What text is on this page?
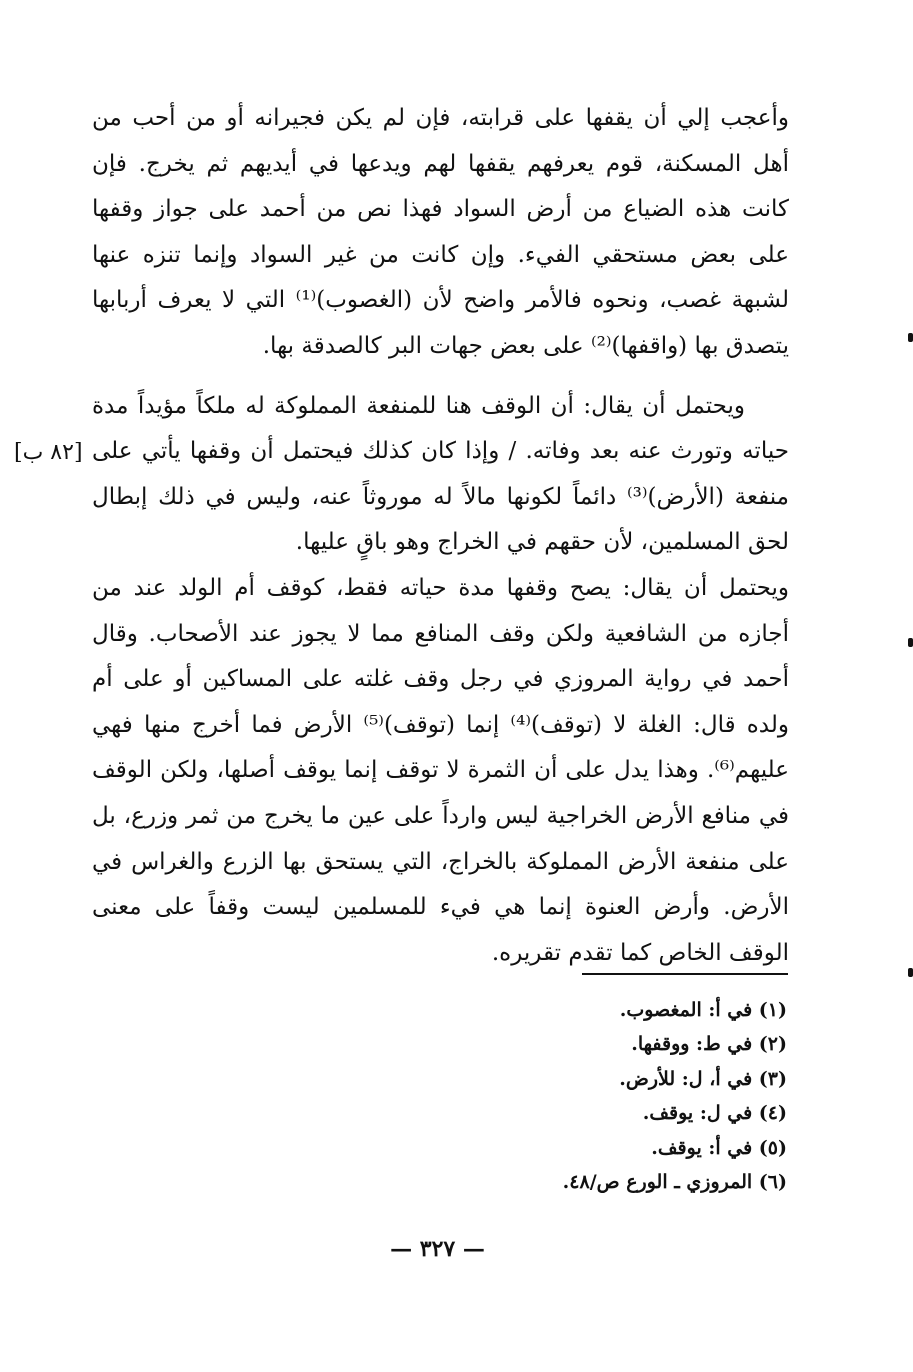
وأعجب إلي أن يقفها على قرابته، فإن لم يكن فجيرانه أو من أحب من أهل المسكنة، قوم يعرفهم يقفها لهم ويدعها في أيديهم ثم يخرج. فإن كانت هذه الضياع من أرض السواد فهذا نص من أحمد على جواز وقفها على بعض مستحقي الفيء. وإن كانت من غير السواد وإنما تنزه عنها لشبهة غصب، ونحوه فالأمر واضح لأن (الغصوب)⁽¹⁾ التي لا يعرف أربابها يتصدق بها (واقفها)⁽²⁾ على بعض جهات البر كالصدقة بها.

ويحتمل أن يقال: أن الوقف هنا للمنفعة المملوكة له ملكاً مؤيداً مدة حياته وتورث عنه بعد وفاته. / وإذا كان كذلك فيحتمل أن وقفها يأتي على منفعة (الأرض)⁽³⁾ دائماً لكونها مالاً له موروثاً عنه، وليس في ذلك إبطال لحق المسلمين، لأن حقهم في الخراج وهو باقٍ عليها.

ويحتمل أن يقال: يصح وقفها مدة حياته فقط، كوقف أم الولد عند من أجازه من الشافعية ولكن وقف المنافع مما لا يجوز عند الأصحاب. وقال أحمد في رواية المروزي في رجل وقف غلته على المساكين أو على أم ولده قال: الغلة لا (توقف)⁽⁴⁾ إنما (توقف)⁽⁵⁾ الأرض فما أخرج منها فهي عليهم⁽⁶⁾. وهذا يدل على أن الثمرة لا توقف إنما يوقف أصلها، ولكن الوقف في منافع الأرض الخراجية ليس وارداً على عين ما يخرج من ثمر وزرع، بل على منفعة الأرض المملوكة بالخراج، التي يستحق بها الزرع والغراس في الأرض. وأرض العنوة إنما هي فيء للمسلمين ليست وقفاً على معنى الوقف الخاص كما تقدم تقريره.

[٨٢ ب]

(١) في أ: المغصوب.

(٢) في ط: ووقفها.

(٣) في أ، ل: للأرض.

(٤) في ل: يوقف.

(٥) في أ: يوقف.

(٦) المروزي ـ الورع ص/٤٨.

— ٣٢٧ —
